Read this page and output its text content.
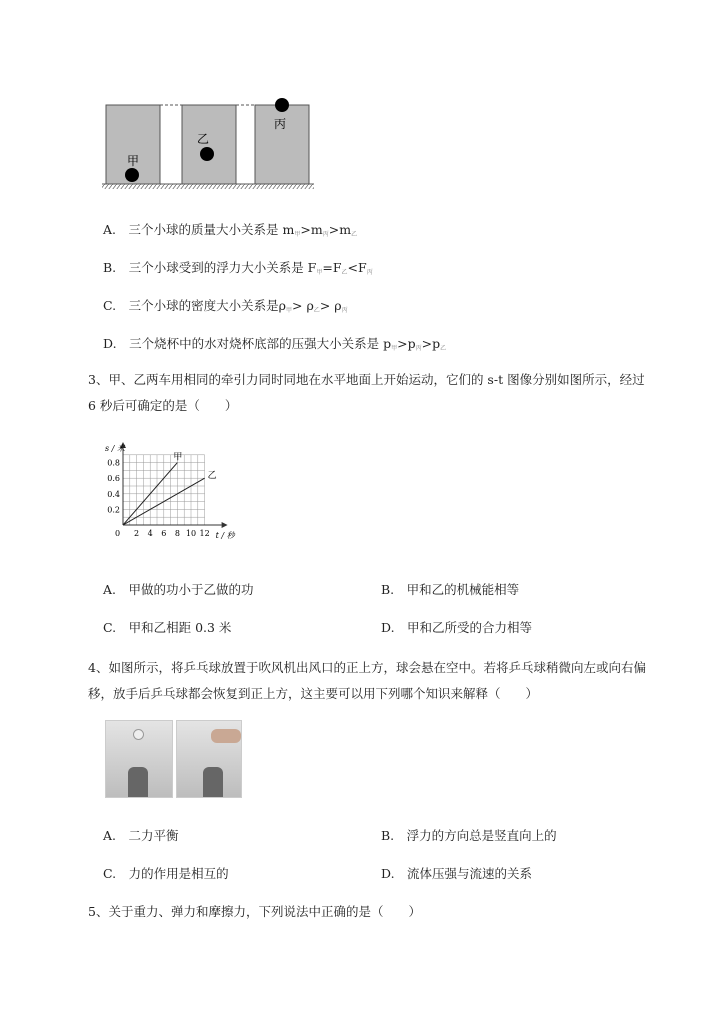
甲
乙
丙
A.　 三个小球的质量大小关系是 $m_甲>m_丙>m_乙$
B.　 三个小球受到的浮力大小关系是 $F_甲=F_乙<F_丙$
C.　 三个小球的密度大小关系是$\rho_甲> \rho_乙> \rho_丙$
D.　 三个烧杯中的水对烧杯底部的压强大小关系是 $p_甲>p_丙>p_乙$
3、甲、乙两车用相同的牵引力同时同地在水平地面上开始运动，它们的 s-t 图像分别如图所示，经过
6 秒后可确定的是（　　）
2 4 6 8 10 12
0.2
0.4
0.6
0.8
0	t / 秒
s / 米
甲
乙
A.　甲做的功小于乙做的功	B.　甲和乙的机械能相等
C.　甲和乙相距 0.3 米	D.　甲和乙所受的合力相等
4、如图所示，将乒乓球放置于吹风机出风口的正上方，球会悬在空中。若将乒乓球稍微向左或向右偏
移，放手后乒乓球都会恢复到正上方，这主要可以用下列哪个知识来解释（　　）
A.　二力平衡	B.　浮力的方向总是竖直向上的
C.　力的作用是相互的	D.　流体压强与流速的关系
5、关于重力、弹力和摩擦力，下列说法中正确的是（　　）
